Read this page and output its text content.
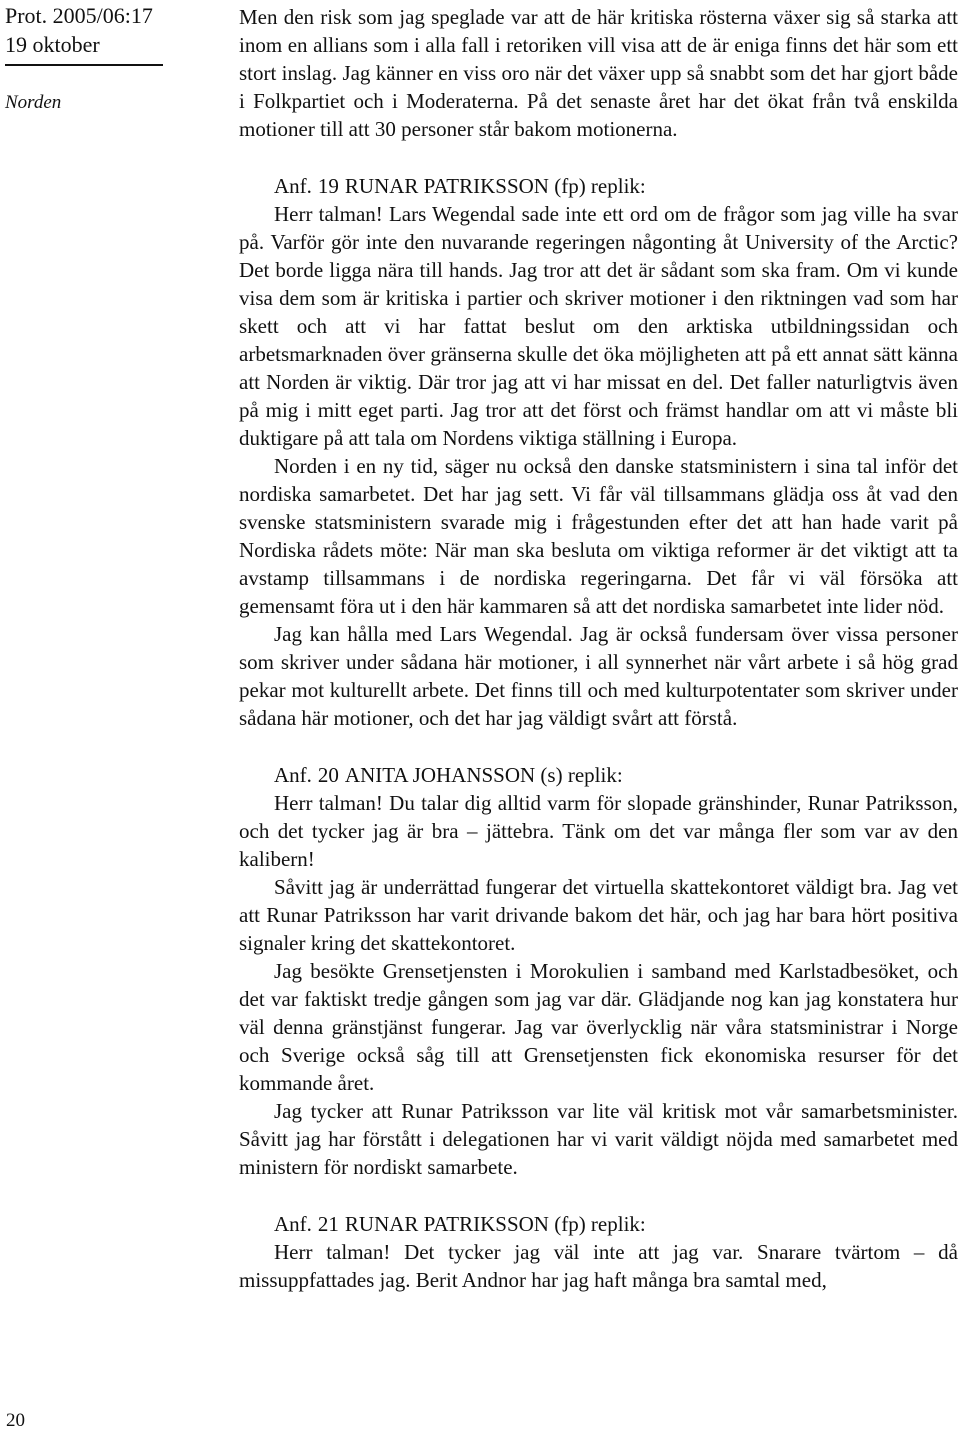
Prot. 2005/06:17
19 oktober
Norden
20

Men den risk som jag speglade var att de här kritiska rösterna växer sig så starka att inom en allians som i alla fall i retoriken vill visa att de är eniga finns det här som ett stort inslag. Jag känner en viss oro när det växer upp så snabbt som det har gjort både i Folkpartiet och i Moderaterna. På det senaste året har det ökat från två enskilda motioner till att 30 personer står bakom motionerna.

Anf. 19 RUNAR PATRIKSSON (fp) replik:

Herr talman! Lars Wegendal sade inte ett ord om de frågor som jag ville ha svar på. Varför gör inte den nuvarande regeringen någonting åt University of the Arctic? Det borde ligga nära till hands. Jag tror att det är sådant som ska fram. Om vi kunde visa dem som är kritiska i partier och skriver motioner i den riktningen vad som har skett och att vi har fattat beslut om den arktiska utbildningssidan och arbetsmarknaden över gränserna skulle det öka möjligheten att på ett annat sätt känna att Norden är viktig. Där tror jag att vi har missat en del. Det faller naturligtvis även på mig i mitt eget parti. Jag tror att det först och främst handlar om att vi måste bli duktigare på att tala om Nordens viktiga ställning i Europa.

Norden i en ny tid, säger nu också den danske statsministern i sina tal inför det nordiska samarbetet. Det har jag sett. Vi får väl tillsammans glädja oss åt vad den svenske statsministern svarade mig i frågestunden efter det att han hade varit på Nordiska rådets möte: När man ska besluta om viktiga reformer är det viktigt att ta avstamp tillsammans i de nordiska regeringarna. Det får vi väl försöka att gemensamt föra ut i den här kammaren så att det nordiska samarbetet inte lider nöd.

Jag kan hålla med Lars Wegendal. Jag är också fundersam över vissa personer som skriver under sådana här motioner, i all synnerhet när vårt arbete i så hög grad pekar mot kulturellt arbete. Det finns till och med kulturpotentater som skriver under sådana här motioner, och det har jag väldigt svårt att förstå.

Anf. 20 ANITA JOHANSSON (s) replik:

Herr talman! Du talar dig alltid varm för slopade gränshinder, Runar Patriksson, och det tycker jag är bra – jättebra. Tänk om det var många fler som var av den kalibern!

Såvitt jag är underrättad fungerar det virtuella skattekontoret väldigt bra. Jag vet att Runar Patriksson har varit drivande bakom det här, och jag har bara hört positiva signaler kring det skattekontoret.

Jag besökte Grensetjensten i Morokulien i samband med Karlstadbesöket, och det var faktiskt tredje gången som jag var där. Glädjande nog kan jag konstatera hur väl denna gränstjänst fungerar. Jag var överlycklig när våra statsministrar i Norge och Sverige också såg till att Grensetjensten fick ekonomiska resurser för det kommande året.

Jag tycker att Runar Patriksson var lite väl kritisk mot vår samarbetsminister. Såvitt jag har förstått i delegationen har vi varit väldigt nöjda med samarbetet med ministern för nordiskt samarbete.

Anf. 21 RUNAR PATRIKSSON (fp) replik:

Herr talman! Det tycker jag väl inte att jag var. Snarare tvärtom – då missuppfattades jag. Berit Andnor har jag haft många bra samtal med,
